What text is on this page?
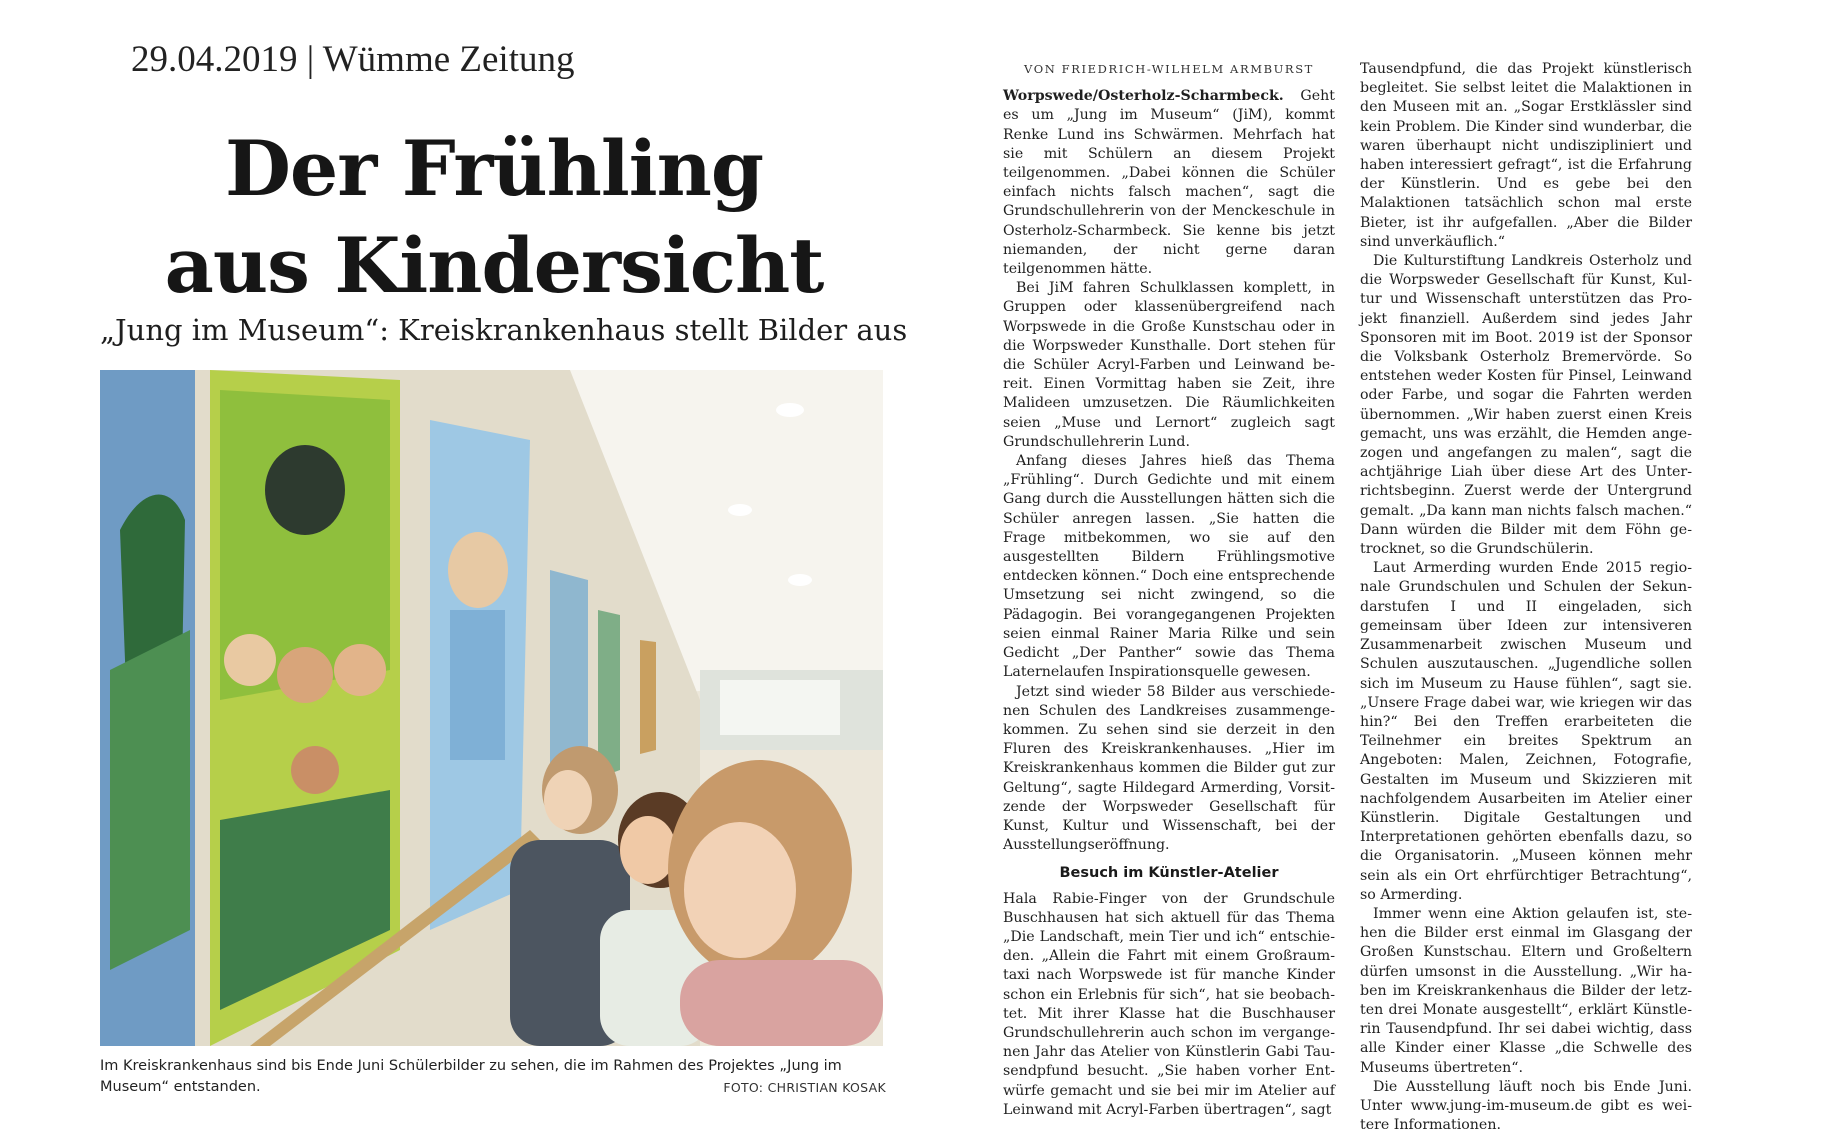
29.04.2019 | Wümme Zeitung
Der Frühling
aus Kindersicht
„Jung im Museum“: Kreiskrankenhaus stellt Bilder aus
Im Kreiskrankenhaus sind bis Ende Juni Schülerbilder zu sehen, die im Rahmen des Projektes „Jung im Museum“ entstanden.	FOTO: CHRISTIAN KOSAK
VON FRIEDRICH-WILHELM ARMBURST

Worpswede/Osterholz-Scharmbeck. Geht es um „Jung im Museum“ (JiM), kommt Renke Lund ins Schwärmen. Mehrfach hat sie mit Schülern an diesem Projekt teilgenommen. „Dabei können die Schüler einfach nichts falsch machen“, sagt die Grundschullehrerin von der Menckeschule in Osterholz-Scharmbeck. Sie kenne bis jetzt niemanden, der nicht gerne daran teilgenommen hätte.

Bei JiM fahren Schulklassen komplett, in Gruppen oder klassenübergreifend nach Worpswede in die Große Kunstschau oder in die Worpsweder Kunsthalle. Dort stehen für die Schüler Acryl-Farben und Leinwand bereit. Einen Vormittag haben sie Zeit, ihre Malideen umzusetzen. Die Räumlichkeiten seien „Muse und Lernort“ zugleich sagt Grundschullehrerin Lund.

Anfang dieses Jahres hieß das Thema „Frühling“. Durch Gedichte und mit einem Gang durch die Ausstellungen hätten sich die Schüler anregen lassen. „Sie hatten die Frage mitbekommen, wo sie auf den ausgestellten Bildern Frühlingsmotive entdecken können.“ Doch eine entsprechende Umsetzung sei nicht zwingend, so die Pädagogin. Bei vorangegangenen Projekten seien einmal Rainer Maria Rilke und sein Gedicht „Der Panther“ sowie das Thema Laternelaufen Inspirationsquelle gewesen.

Jetzt sind wieder 58 Bilder aus verschiedenen Schulen des Landkreises zusammengekommen. Zu sehen sind sie derzeit in den Fluren des Kreiskrankenhauses. „Hier im Kreiskrankenhaus kommen die Bilder gut zur Geltung“, sagte Hildegard Armerding, Vorsitzende der Worpsweder Gesellschaft für Kunst, Kultur und Wissenschaft, bei der Ausstellungseröffnung.

Besuch im Künstler-Atelier

Hala Rabie-Finger von der Grundschule Buschhausen hat sich aktuell für das Thema „Die Landschaft, mein Tier und ich“ entschieden. „Allein die Fahrt mit einem Großraumtaxi nach Worpswede ist für manche Kinder schon ein Erlebnis für sich“, hat sie beobachtet. Mit ihrer Klasse hat die Buschhauser Grundschullehrerin auch schon im vergangenen Jahr das Atelier von Künstlerin Gabi Tausendpfund besucht. „Sie haben vorher Entwürfe gemacht und sie bei mir im Atelier auf Leinwand mit Acryl-Farben übertragen“, sagt

Tausendpfund, die das Projekt künstlerisch begleitet. Sie selbst leitet die Malaktionen in den Museen mit an. „Sogar Erstklässler sind kein Problem. Die Kinder sind wunderbar, die waren überhaupt nicht undiszipliniert und haben interessiert gefragt“, ist die Erfahrung der Künstlerin. Und es gebe bei den Malaktionen tatsächlich schon mal erste Bieter, ist ihr aufgefallen. „Aber die Bilder sind unverkäuflich.“

Die Kulturstiftung Landkreis Osterholz und die Worpsweder Gesellschaft für Kunst, Kultur und Wissenschaft unterstützen das Projekt finanziell. Außerdem sind jedes Jahr Sponsoren mit im Boot. 2019 ist der Sponsor die Volksbank Osterholz Bremervörde. So entstehen weder Kosten für Pinsel, Leinwand oder Farbe, und sogar die Fahrten werden übernommen. „Wir haben zuerst einen Kreis gemacht, uns was erzählt, die Hemden angezogen und angefangen zu malen“, sagt die achtjährige Liah über diese Art des Unterrichtsbeginn. Zuerst werde der Untergrund gemalt. „Da kann man nichts falsch machen.“ Dann würden die Bilder mit dem Föhn getrocknet, so die Grundschülerin.

Laut Armerding wurden Ende 2015 regionale Grundschulen und Schulen der Sekundarstufen I und II eingeladen, sich gemeinsam über Ideen zur intensiveren Zusammenarbeit zwischen Museum und Schulen auszutauschen. „Jugendliche sollen sich im Museum zu Hause fühlen“, sagt sie. „Unsere Frage dabei war, wie kriegen wir das hin?“ Bei den Treffen erarbeiteten die Teilnehmer ein breites Spektrum an Angeboten: Malen, Zeichnen, Fotografie, Gestalten im Museum und Skizzieren mit nachfolgendem Ausarbeiten im Atelier einer Künstlerin. Digitale Gestaltungen und Interpretationen gehörten ebenfalls dazu, so die Organisatorin. „Museen können mehr sein als ein Ort ehrfürchtiger Betrachtung“, so Armerding.

Immer wenn eine Aktion gelaufen ist, stehen die Bilder erst einmal im Glasgang der Großen Kunstschau. Eltern und Großeltern dürfen umsonst in die Ausstellung. „Wir haben im Kreiskrankenhaus die Bilder der letzten drei Monate ausgestellt“, erklärt Künstlerin Tausendpfund. Ihr sei dabei wichtig, dass alle Kinder einer Klasse „die Schwelle des Museums übertreten“.

Die Ausstellung läuft noch bis Ende Juni. Unter www.jung-im-museum.de gibt es weitere Informationen.
